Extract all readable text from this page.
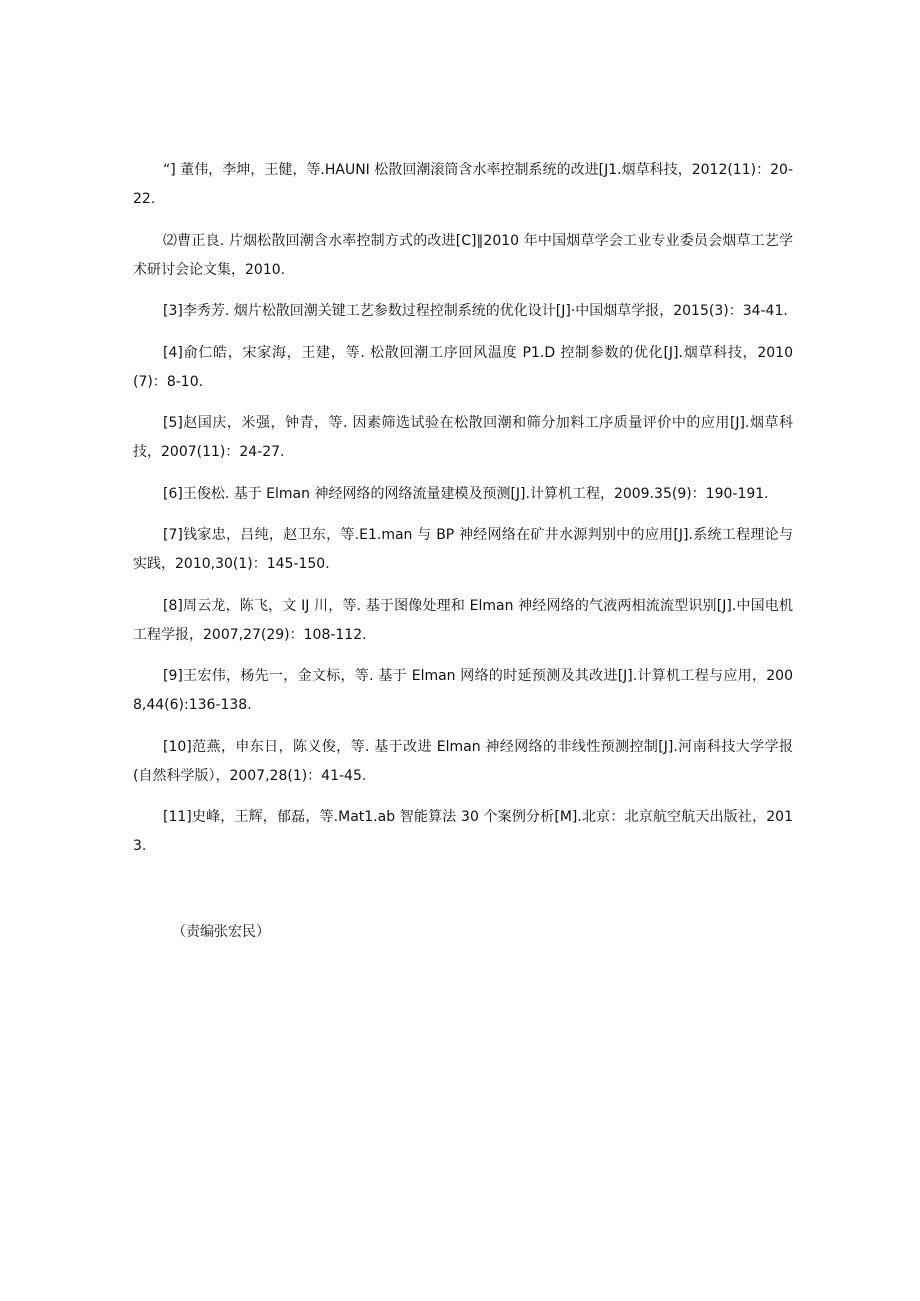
“] 董伟，李坤，王健，等.HAUNI 松散回潮滚筒含水率控制系统的改进[J1.烟草科技，2012(11)：20-22.

⑵曹正良. 片烟松散回潮含水率控制方式的改进[C]∥2010 年中国烟草学会工业专业委员会烟草工艺学术研讨会论文集，2010.

[3]李秀芳. 烟片松散回潮关键工艺参数过程控制系统的优化设计[J]·中国烟草学报，2015(3)：34-41.

[4]俞仁皓，宋家海，王建，等. 松散回潮工序回风温度 P1.D 控制参数的优化[J].烟草科技，2010(7)：8-10.

[5]赵国庆，米强，钟青，等. 因素筛选试验在松散回潮和筛分加料工序质量评价中的应用[J].烟草科技，2007(11)：24-27.

[6]王俊松. 基于 Elman 神经网络的网络流量建模及预测[J].计算机工程，2009.35(9)：190-191.

[7]钱家忠，吕纯，赵卫东，等.E1.man 与 BP 神经网络在矿井水源判别中的应用[J].系统工程理论与实践，2010,30(1)：145-150.

[8]周云龙，陈飞，文 IJ 川，等. 基于图像处理和 Elman 神经网络的气液两相流流型识别[J].中国电机工程学报，2007,27(29)：108-112.

[9]王宏伟，杨先一，金文标，等. 基于 Elman 网络的时延预测及其改进[J].计算机工程与应用，2008,44(6):136-138.

[10]范燕，申东日，陈义俊，等. 基于改进 Elman 神经网络的非线性预测控制[J].河南科技大学学报(自然科学版），2007,28(1)：41-45.

[11]史峰，王辉，郁磊，等.Mat1.ab 智能算法 30 个案例分析[M].北京：北京航空航天出版社，2013.

（责编张宏民）
